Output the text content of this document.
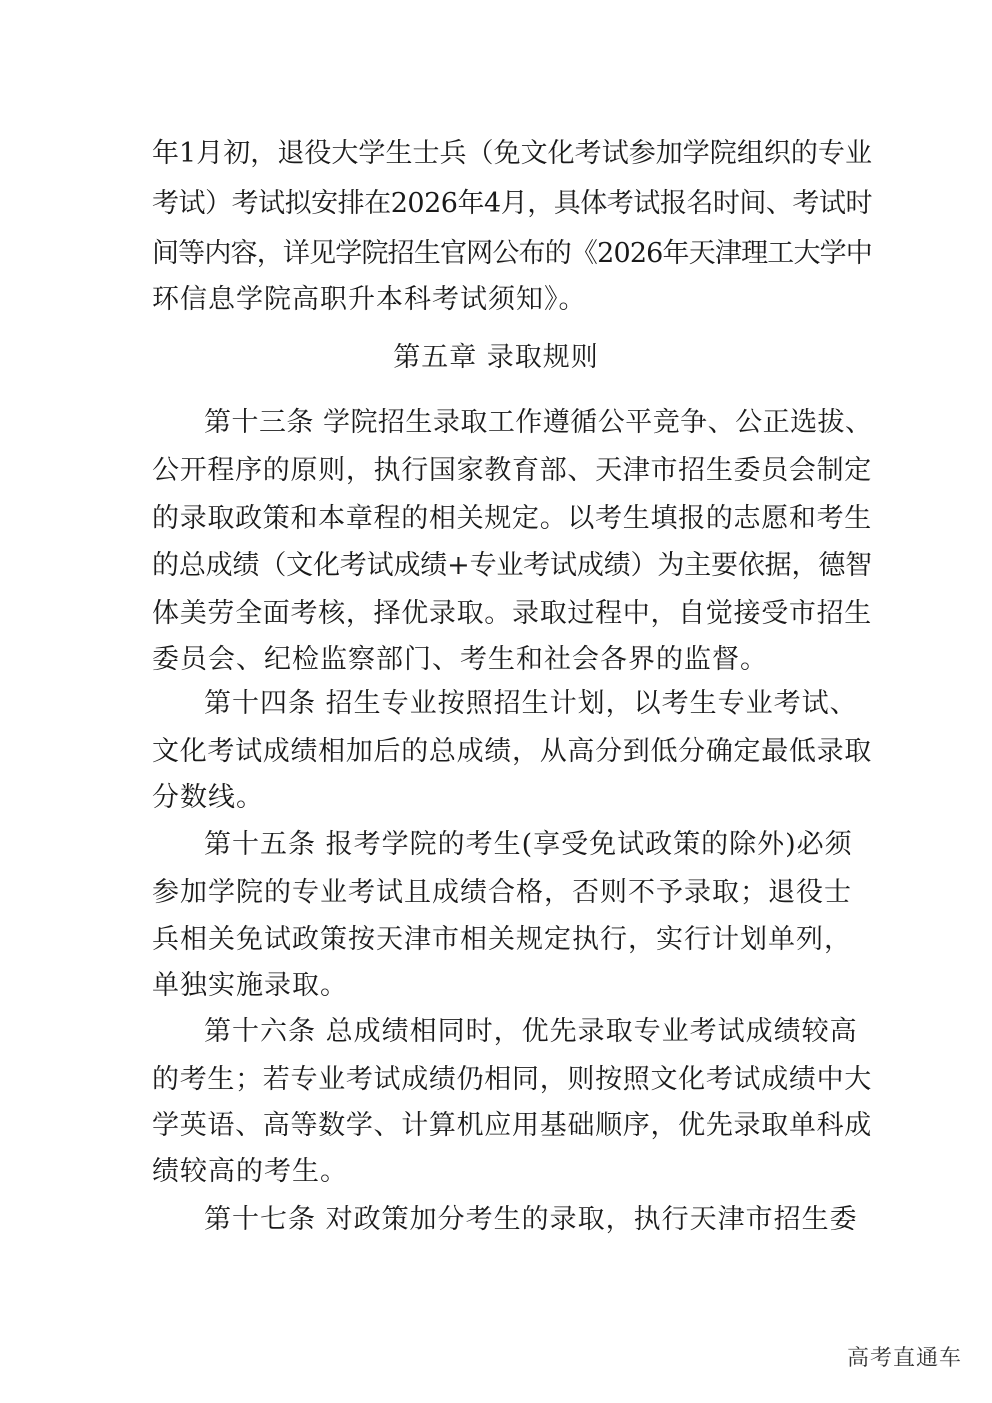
年1月初，退役大学生士兵（免文化考试参加学院组织的专业
考试）考试拟安排在2026年4月，具体考试报名时间、考试时
间等内容，详见学院招生官网公布的《2026年天津理工大学中
环信息学院高职升本科考试须知》。
第五章 录取规则
第十三条 学院招生录取工作遵循公平竞争、公正选拔、
公开程序的原则，执行国家教育部、天津市招生委员会制定
的录取政策和本章程的相关规定。以考生填报的志愿和考生
的总成绩（文化考试成绩+专业考试成绩）为主要依据，德智
体美劳全面考核，择优录取。录取过程中，自觉接受市招生
委员会、纪检监察部门、考生和社会各界的监督。
第十四条 招生专业按照招生计划，以考生专业考试、
文化考试成绩相加后的总成绩，从高分到低分确定最低录取
分数线。
第十五条 报考学院的考生(享受免试政策的除外)必须
参加学院的专业考试且成绩合格，否则不予录取；退役士
兵相关免试政策按天津市相关规定执行，实行计划单列，
单独实施录取。
第十六条 总成绩相同时，优先录取专业考试成绩较高
的考生；若专业考试成绩仍相同，则按照文化考试成绩中大
学英语、高等数学、计算机应用基础顺序，优先录取单科成
绩较高的考生。
第十七条 对政策加分考生的录取，执行天津市招生委
高考直通车
